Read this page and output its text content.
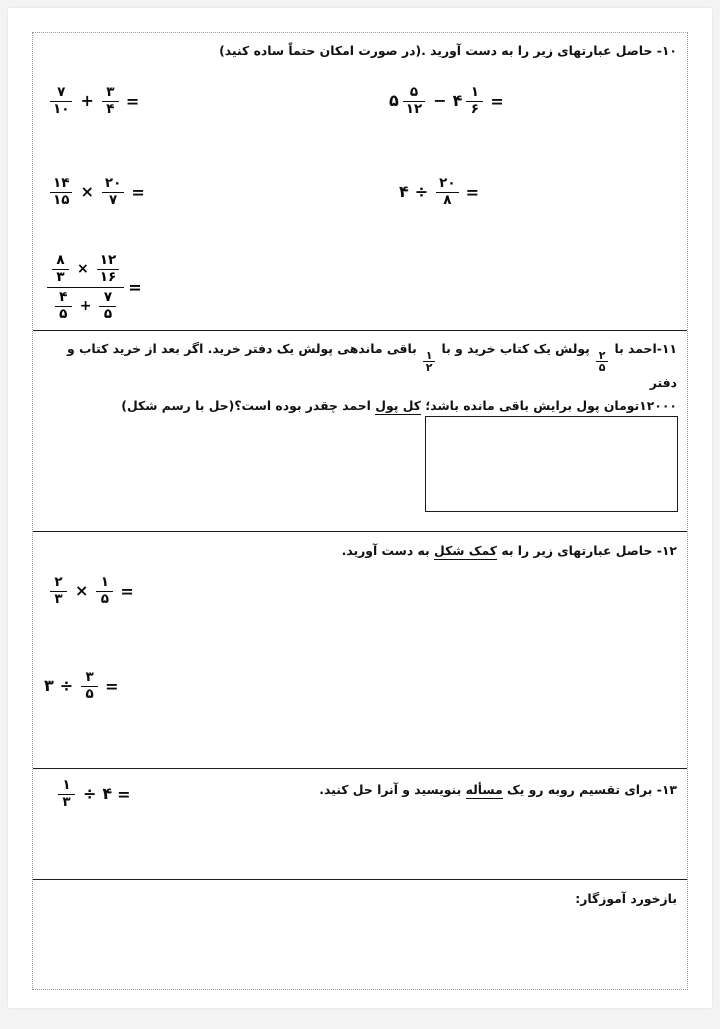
۱۰- حاصل عبارتهای زیر را به دست آورید .(در صورت امکان حتماً ساده کنید)
$\frac{۷}{۱۰} + \frac{۳}{۴}$ =	۵ $\frac{۵}{۱۲}$ − ۴ $\frac{۱}{۶}$ =
$\frac{۱۴}{۱۵} \times \frac{۲۰}{۷}$ =	۴ ÷ $\frac{۲۰}{۸}$ =
$\frac{۸}{۳} \times \frac{۱۲}{۱۶}$
$\frac{۴}{۵} + \frac{۷}{۵}$
=
۱۱-احمد با
$\frac{۲}{۵}$
پولش یک کتاب خرید و با
$\frac{۱}{۲}$
باقی ماندهی پولش یک دفتر خرید. اگر بعد از خرید کتاب و دفتر
۱۲۰۰۰تومان پول برایش باقی مانده باشد؛ کل پول احمد چقدر بوده است؟(حل با رسم شکل)
۱۲- حاصل عبارتهای زیر را به کمک شکل به دست آورید.
$\frac{۲}{۳} \times \frac{۱}{۵}$ =
۳ ÷ $\frac{۳}{۵}$ =
۱۳- برای تقسیم روبه رو یک مسأله بنویسید و آنرا حل کنید.
$\frac{۱}{۳}$ ÷ ۴ =
بازخورد آموزگار:
